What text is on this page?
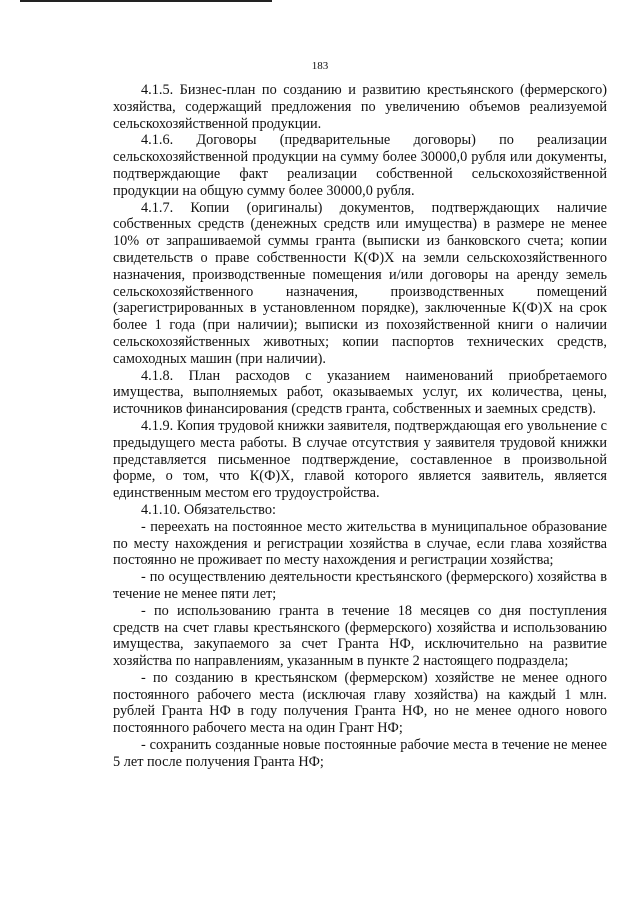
183

4.1.5. Бизнес-план по созданию и развитию крестьянского (фермерского) хозяйства, содержащий предложения по увеличению объемов реализуемой сельскохозяйственной продукции.

4.1.6. Договоры (предварительные договоры) по реализации сельскохозяйственной продукции на сумму более 30000,0 рубля или документы, подтверждающие факт реализации собственной сельскохозяйственной продукции на общую сумму более 30000,0 рубля.

4.1.7. Копии (оригиналы) документов, подтверждающих наличие собственных средств (денежных средств или имущества) в размере не менее 10% от запрашиваемой суммы гранта (выписки из банковского счета; копии свидетельств о праве собственности К(Ф)Х на земли сельскохозяйственного назначения, производственные помещения и/или договоры на аренду земель сельскохозяйственного назначения, производственных помещений (зарегистрированных в установленном порядке), заключенные К(Ф)Х на срок более 1 года (при наличии); выписки из похозяйственной книги о наличии сельскохозяйственных животных; копии паспортов технических средств, самоходных машин (при наличии).

4.1.8. План расходов с указанием наименований приобретаемого имущества, выполняемых работ, оказываемых услуг, их количества, цены, источников финансирования (средств гранта, собственных и заемных средств).

4.1.9. Копия трудовой книжки заявителя, подтверждающая его увольнение с предыдущего места работы. В случае отсутствия у заявителя трудовой книжки представляется письменное подтверждение, составленное в произвольной форме, о том, что К(Ф)Х, главой которого является заявитель, является единственным местом его трудоустройства.

4.1.10. Обязательство:

- переехать на постоянное место жительства в муниципальное образование по месту нахождения и регистрации хозяйства в случае, если глава хозяйства постоянно не проживает по месту нахождения и регистрации хозяйства;

- по осуществлению деятельности крестьянского (фермерского) хозяйства в течение не менее пяти лет;

- по использованию гранта в течение 18 месяцев со дня поступления средств на счет главы крестьянского (фермерского) хозяйства и использованию имущества, закупаемого за счет Гранта НФ, исключительно на развитие хозяйства по направлениям, указанным в пункте 2 настоящего подраздела;

- по созданию в крестьянском (фермерском) хозяйстве не менее одного постоянного рабочего места (исключая главу хозяйства) на каждый 1 млн. рублей Гранта НФ в году получения Гранта НФ, но не менее одного нового постоянного рабочего места на один Грант НФ;

- сохранить созданные новые постоянные рабочие места в течение не менее 5 лет после получения Гранта НФ;
